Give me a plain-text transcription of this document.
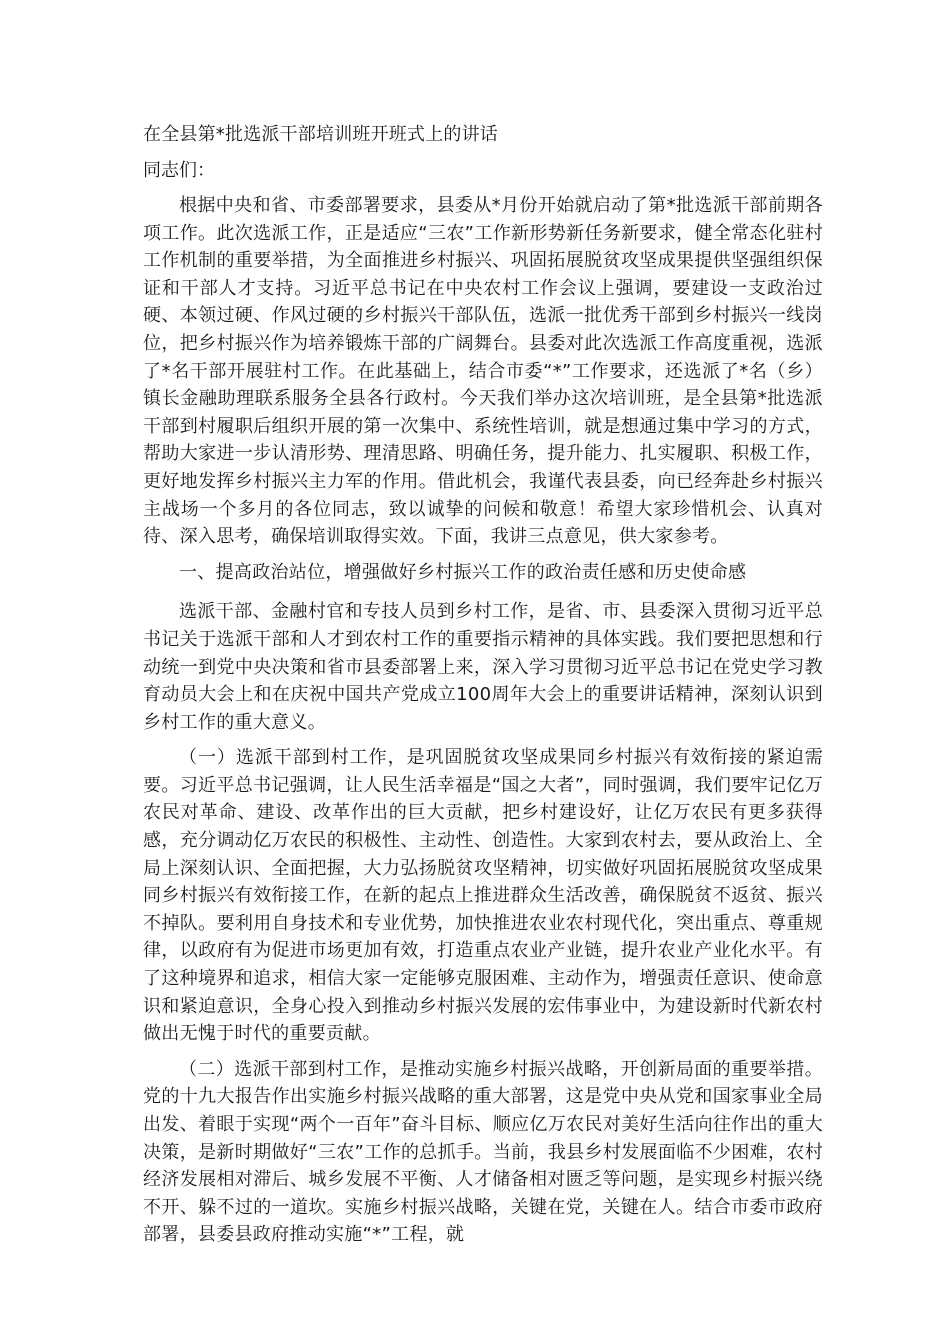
在全县第*批选派干部培训班开班式上的讲话
同志们：

根据中央和省、市委部署要求，县委从*月份开始就启动了第*批选派干部前期各项工作。此次选派工作，正是适应“三农”工作新形势新任务新要求，健全常态化驻村工作机制的重要举措，为全面推进乡村振兴、巩固拓展脱贫攻坚成果提供坚强组织保证和干部人才支持。习近平总书记在中央农村工作会议上强调，要建设一支政治过硬、本领过硬、作风过硬的乡村振兴干部队伍，选派一批优秀干部到乡村振兴一线岗位，把乡村振兴作为培养锻炼干部的广阔舞台。县委对此次选派工作高度重视，选派了*名干部开展驻村工作。在此基础上，结合市委“*”工作要求，还选派了*名（乡）镇长金融助理联系服务全县各行政村。今天我们举办这次培训班，是全县第*批选派干部到村履职后组织开展的第一次集中、系统性培训，就是想通过集中学习的方式，帮助大家进一步认清形势、理清思路、明确任务，提升能力、扎实履职、积极工作，更好地发挥乡村振兴主力军的作用。借此机会，我谨代表县委，向已经奔赴乡村振兴主战场一个多月的各位同志，致以诚挚的问候和敬意！希望大家珍惜机会、认真对待、深入思考，确保培训取得实效。下面，我讲三点意见，供大家参考。

一、提高政治站位，增强做好乡村振兴工作的政治责任感和历史使命感

选派干部、金融村官和专技人员到乡村工作，是省、市、县委深入贯彻习近平总书记关于选派干部和人才到农村工作的重要指示精神的具体实践。我们要把思想和行动统一到党中央决策和省市县委部署上来，深入学习贯彻习近平总书记在党史学习教育动员大会上和在庆祝中国共产党成立100周年大会上的重要讲话精神，深刻认识到乡村工作的重大意义。

（一）选派干部到村工作，是巩固脱贫攻坚成果同乡村振兴有效衔接的紧迫需要。习近平总书记强调，让人民生活幸福是“国之大者”，同时强调，我们要牢记亿万农民对革命、建设、改革作出的巨大贡献，把乡村建设好，让亿万农民有更多获得感，充分调动亿万农民的积极性、主动性、创造性。大家到农村去，要从政治上、全局上深刻认识、全面把握，大力弘扬脱贫攻坚精神，切实做好巩固拓展脱贫攻坚成果同乡村振兴有效衔接工作，在新的起点上推进群众生活改善，确保脱贫不返贫、振兴不掉队。要利用自身技术和专业优势，加快推进农业农村现代化，突出重点、尊重规律，以政府有为促进市场更加有效，打造重点农业产业链，提升农业产业化水平。有了这种境界和追求，相信大家一定能够克服困难、主动作为，增强责任意识、使命意识和紧迫意识，全身心投入到推动乡村振兴发展的宏伟事业中，为建设新时代新农村做出无愧于时代的重要贡献。

（二）选派干部到村工作，是推动实施乡村振兴战略，开创新局面的重要举措。党的十九大报告作出实施乡村振兴战略的重大部署，这是党中央从党和国家事业全局出发、着眼于实现“两个一百年”奋斗目标、顺应亿万农民对美好生活向往作出的重大决策，是新时期做好“三农”工作的总抓手。当前，我县乡村发展面临不少困难，农村经济发展相对滞后、城乡发展不平衡、人才储备相对匮乏等问题，是实现乡村振兴绕不开、躲不过的一道坎。实施乡村振兴战略，关键在党，关键在人。结合市委市政府部署，县委县政府推动实施“*”工程，就
